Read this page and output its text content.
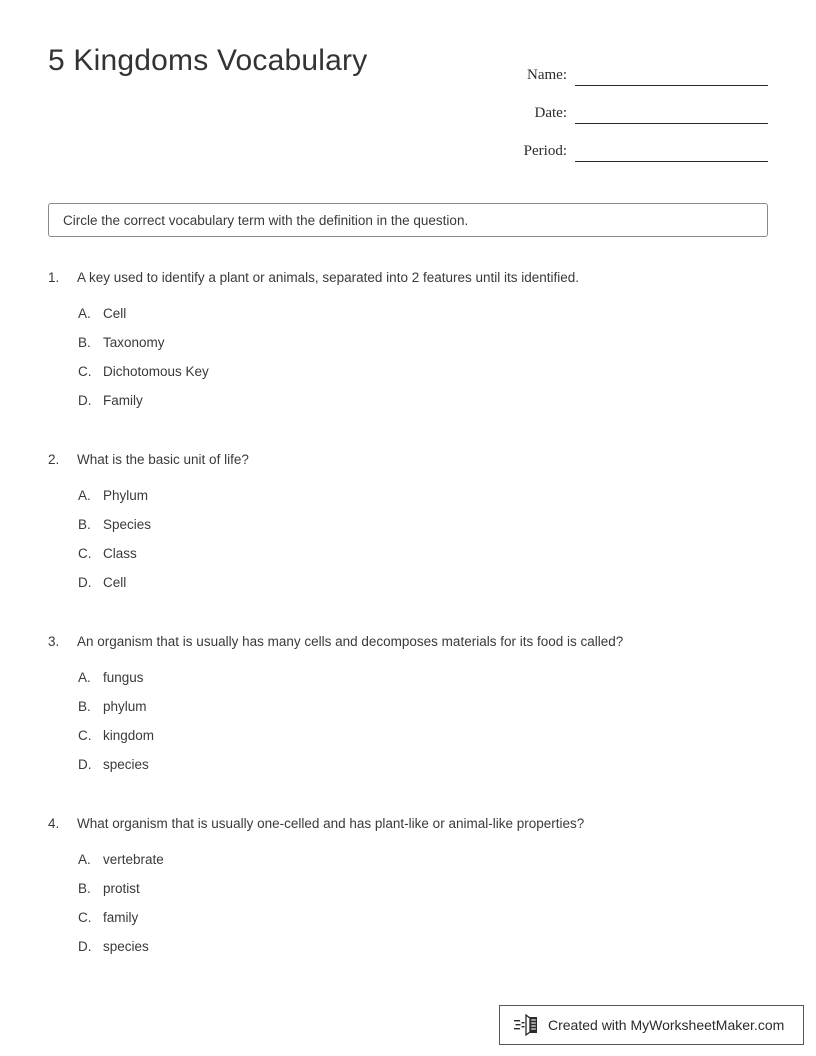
5 Kingdoms Vocabulary	Name:
Date:
Period:
Circle the correct vocabulary term with the definition in the question.
1.	A key used to identify a plant or animals, separated into 2 features until its identified.
A. Cell
B. Taxonomy
C. Dichotomous Key
D. Family
2.	What is the basic unit of life?
A. Phylum
B. Species
C. Class
D. Cell
3.	An organism that is usually has many cells and decomposes materials for its food is called?
A. fungus
B. phylum
C. kingdom
D. species
4.	What organism that is usually one-celled and has plant-like or animal-like properties?
A. vertebrate
B. protist
C. family
D. species
Created with MyWorksheetMaker.com
